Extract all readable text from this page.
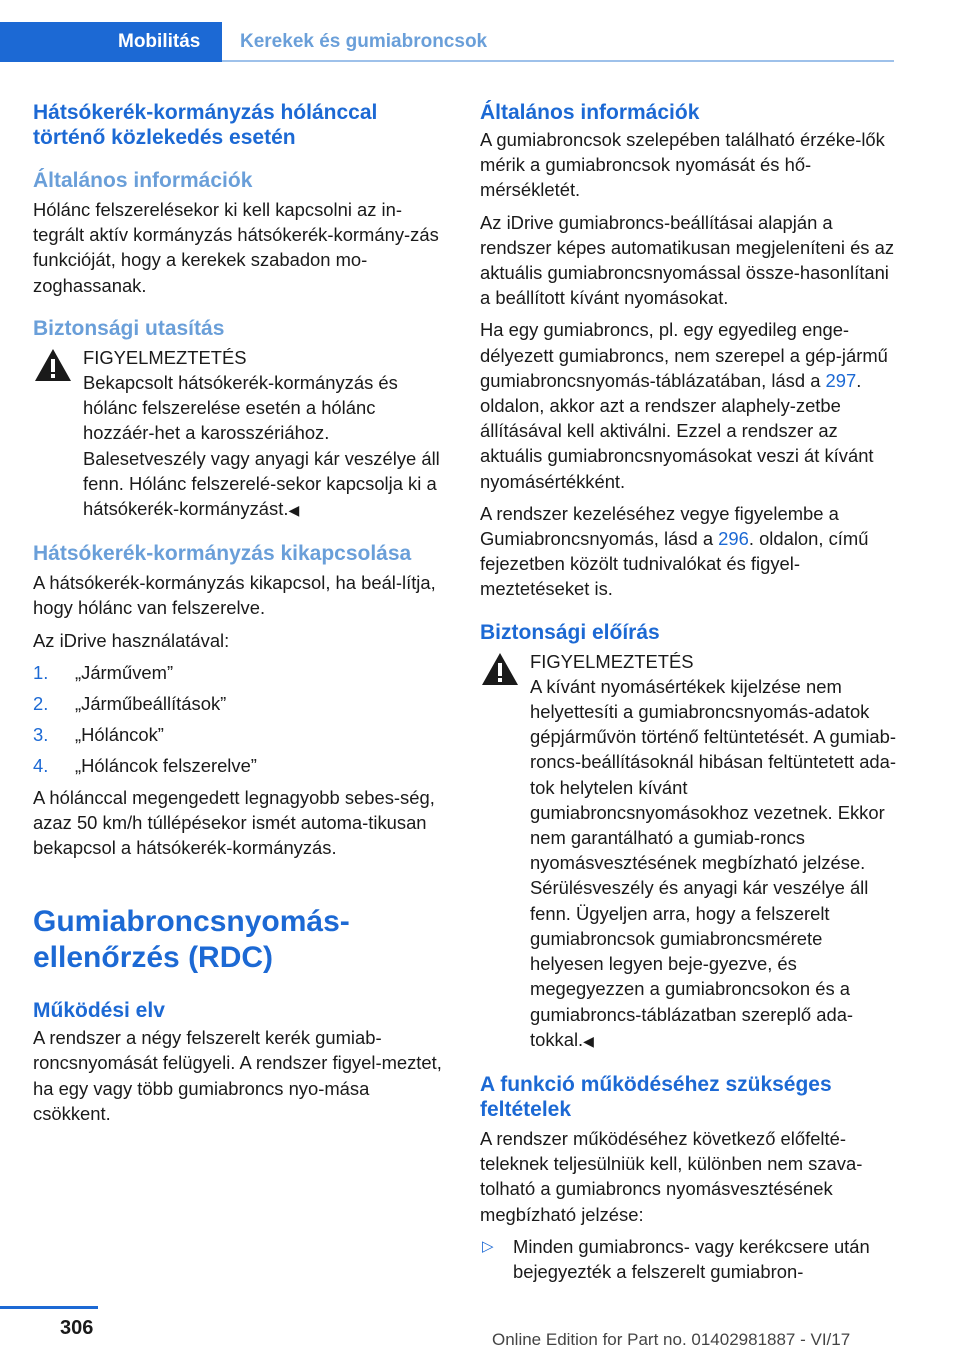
Mobilitás	Kerekek és gumiabroncsok
Hátsókerék-kormányzás hólánccal történő közlekedés esetén
Általános információk

Hólánc felszerelésekor ki kell kapcsolni az in-tegrált aktív kormányzás hátsókerék-kormány-zás funkcióját, hogy a kerekek szabadon mo-zoghassanak.

Biztonsági utasítás
FIGYELMEZTETÉS
Bekapcsolt hátsókerék-kormányzás és hólánc felszerelése esetén a hólánc hozzáér-het a karosszériához. Balesetveszély vagy anyagi kár veszélye áll fenn. Hólánc felszerelé-sekor kapcsolja ki a hátsókerék-kormányzást.◀
Hátsókerék-kormányzás kikapcsolása

A hátsókerék-kormányzás kikapcsol, ha beál-lítja, hogy hólánc van felszerelve.

Az iDrive használatával:

1. „Járművem”
2. „Járműbeállítások”
3. „Hóláncok”
4. „Hóláncok felszerelve”

A hólánccal megengedett legnagyobb sebes-ség, azaz 50 km/h túllépésekor ismét automa-tikusan bekapcsol a hátsókerék-kormányzás.

Gumiabroncsnyomás-ellenőrzés (RDC)
Működési elv

A rendszer a négy felszerelt kerék gumiab-roncsnyomását felügyeli. A rendszer figyel-meztet, ha egy vagy több gumiabroncs nyo-mása csökkent.

Általános információk

A gumiabroncsok szelepében található érzéke-lők mérik a gumiabroncsok nyomását és hő-mérsékletét.

Az iDrive gumiabroncs-beállításai alapján a rendszer képes automatikusan megjeleníteni és az aktuális gumiabroncsnyomással össze-hasonlítani a beállított kívánt nyomásokat.

Ha egy gumiabroncs, pl. egy egyedileg enge-délyezett gumiabroncs, nem szerepel a gép-jármű gumiabroncsnyomás-táblázatában, lásd a 297. oldalon, akkor azt a rendszer alaphely-zetbe állításával kell aktiválni. Ezzel a rendszer az aktuális gumiabroncsnyomásokat veszi át kívánt nyomásértékként.

A rendszer kezeléséhez vegye figyelembe a Gumiabroncsnyomás, lásd a 296. oldalon, című fejezetben közölt tudnivalókat és figyel-meztetéseket is.

Biztonsági előírás
FIGYELMEZTETÉS
A kívánt nyomásértékek kijelzése nem helyettesíti a gumiabroncsnyomás-adatok gépjárművön történő feltüntetését. A gumiab-roncs-beállításoknál hibásan feltüntetett ada-tok helytelen kívánt gumiabroncsnyomásokhoz vezetnek. Ekkor nem garantálható a gumiab-roncs nyomásvesztésének megbízható jelzése. Sérülésveszély és anyagi kár veszélye áll fenn. Ügyeljen arra, hogy a felszerelt gumiabroncsok gumiabroncsmérete helyesen legyen beje-gyezve, és megegyezzen a gumiabroncsokon és a gumiabroncs-táblázatban szereplő ada-tokkal.◀
A funkció működéséhez szükséges feltételek

A rendszer működéséhez következő előfelté-teleknek teljesülniük kell, különben nem szava-tolható a gumiabroncs nyomásvesztésének megbízható jelzése:

▷ Minden gumiabroncs- vagy kerékcsere után bejegyezték a felszerelt gumiabron-
306
Online Edition for Part no. 01402981887 - VI/17
